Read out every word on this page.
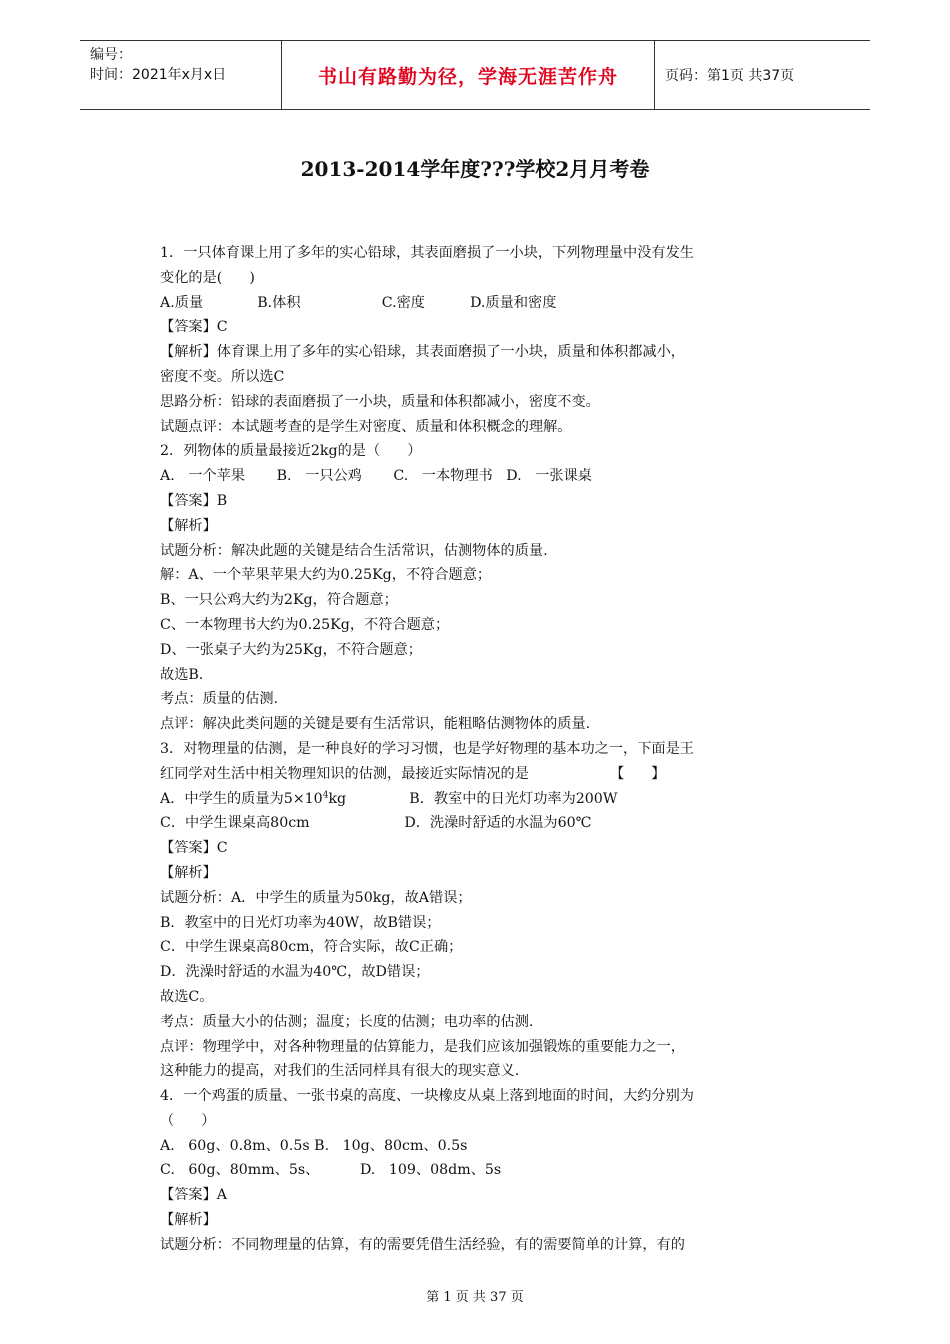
编号：
时间：2021年x月x日	书山有路勤为径，学海无涯苦作舟	页码：第1页 共37页
2013-2014学年度???学校2月月考卷
1．一只体育课上用了多年的实心铅球，其表面磨损了一小块，下列物理量中没有发生
变化的是(      )
A.质量            B.体积                  C.密度          D.质量和密度
【答案】C
【解析】体育课上用了多年的实心铅球，其表面磨损了一小块，质量和体积都减小，
密度不变。所以选C
思路分析：铅球的表面磨损了一小块，质量和体积都减小，密度不变。
试题点评：本试题考查的是学生对密度、质量和体积概念的理解。
2．列物体的质量最接近2kg的是（      ）
A.   一个苹果       B.   一只公鸡       C.   一本物理书   D.   一张课桌
【答案】B
【解析】
试题分析：解决此题的关键是结合生活常识，估测物体的质量.
解：A、一个苹果苹果大约为0.25Kg，不符合题意；
B、一只公鸡大约为2Kg，符合题意；
C、一本物理书大约为0.25Kg，不符合题意；
D、一张桌子大约为25Kg，不符合题意；
故选B.
考点：质量的估测.
点评：解决此类问题的关键是要有生活常识，能粗略估测物体的质量.
3．对物理量的估测，是一种良好的学习习惯，也是学好物理的基本功之一，下面是王
红同学对生活中相关物理知识的估测，最接近实际情况的是                  【      】
A．中学生的质量为$5\times 10^4kg$              B．教室中的日光灯功率为200W
C．中学生课桌高80cm                     D．洗澡时舒适的水温为60℃
【答案】C
【解析】
试题分析：A．中学生的质量为50kg，故A错误；
B．教室中的日光灯功率为40W，故B错误；
C．中学生课桌高80cm，符合实际，故C正确；
D．洗澡时舒适的水温为40℃，故D错误；
故选C。
考点：质量大小的估测；温度；长度的估测；电功率的估测.
点评：物理学中，对各种物理量的估算能力，是我们应该加强锻炼的重要能力之一，
这种能力的提高，对我们的生活同样具有很大的现实意义.
4．一个鸡蛋的质量、一张书桌的高度、一块橡皮从桌上落到地面的时间，大约分别为
（      ）
A.   60g、0.8m、0.5s B.   10g、80cm、0.5s
C.   60g、80mm、5s、         D.   109、08dm、5s
【答案】A
【解析】
试题分析：不同物理量的估算，有的需要凭借生活经验，有的需要简单的计算，有的
第 1 页 共 37 页
